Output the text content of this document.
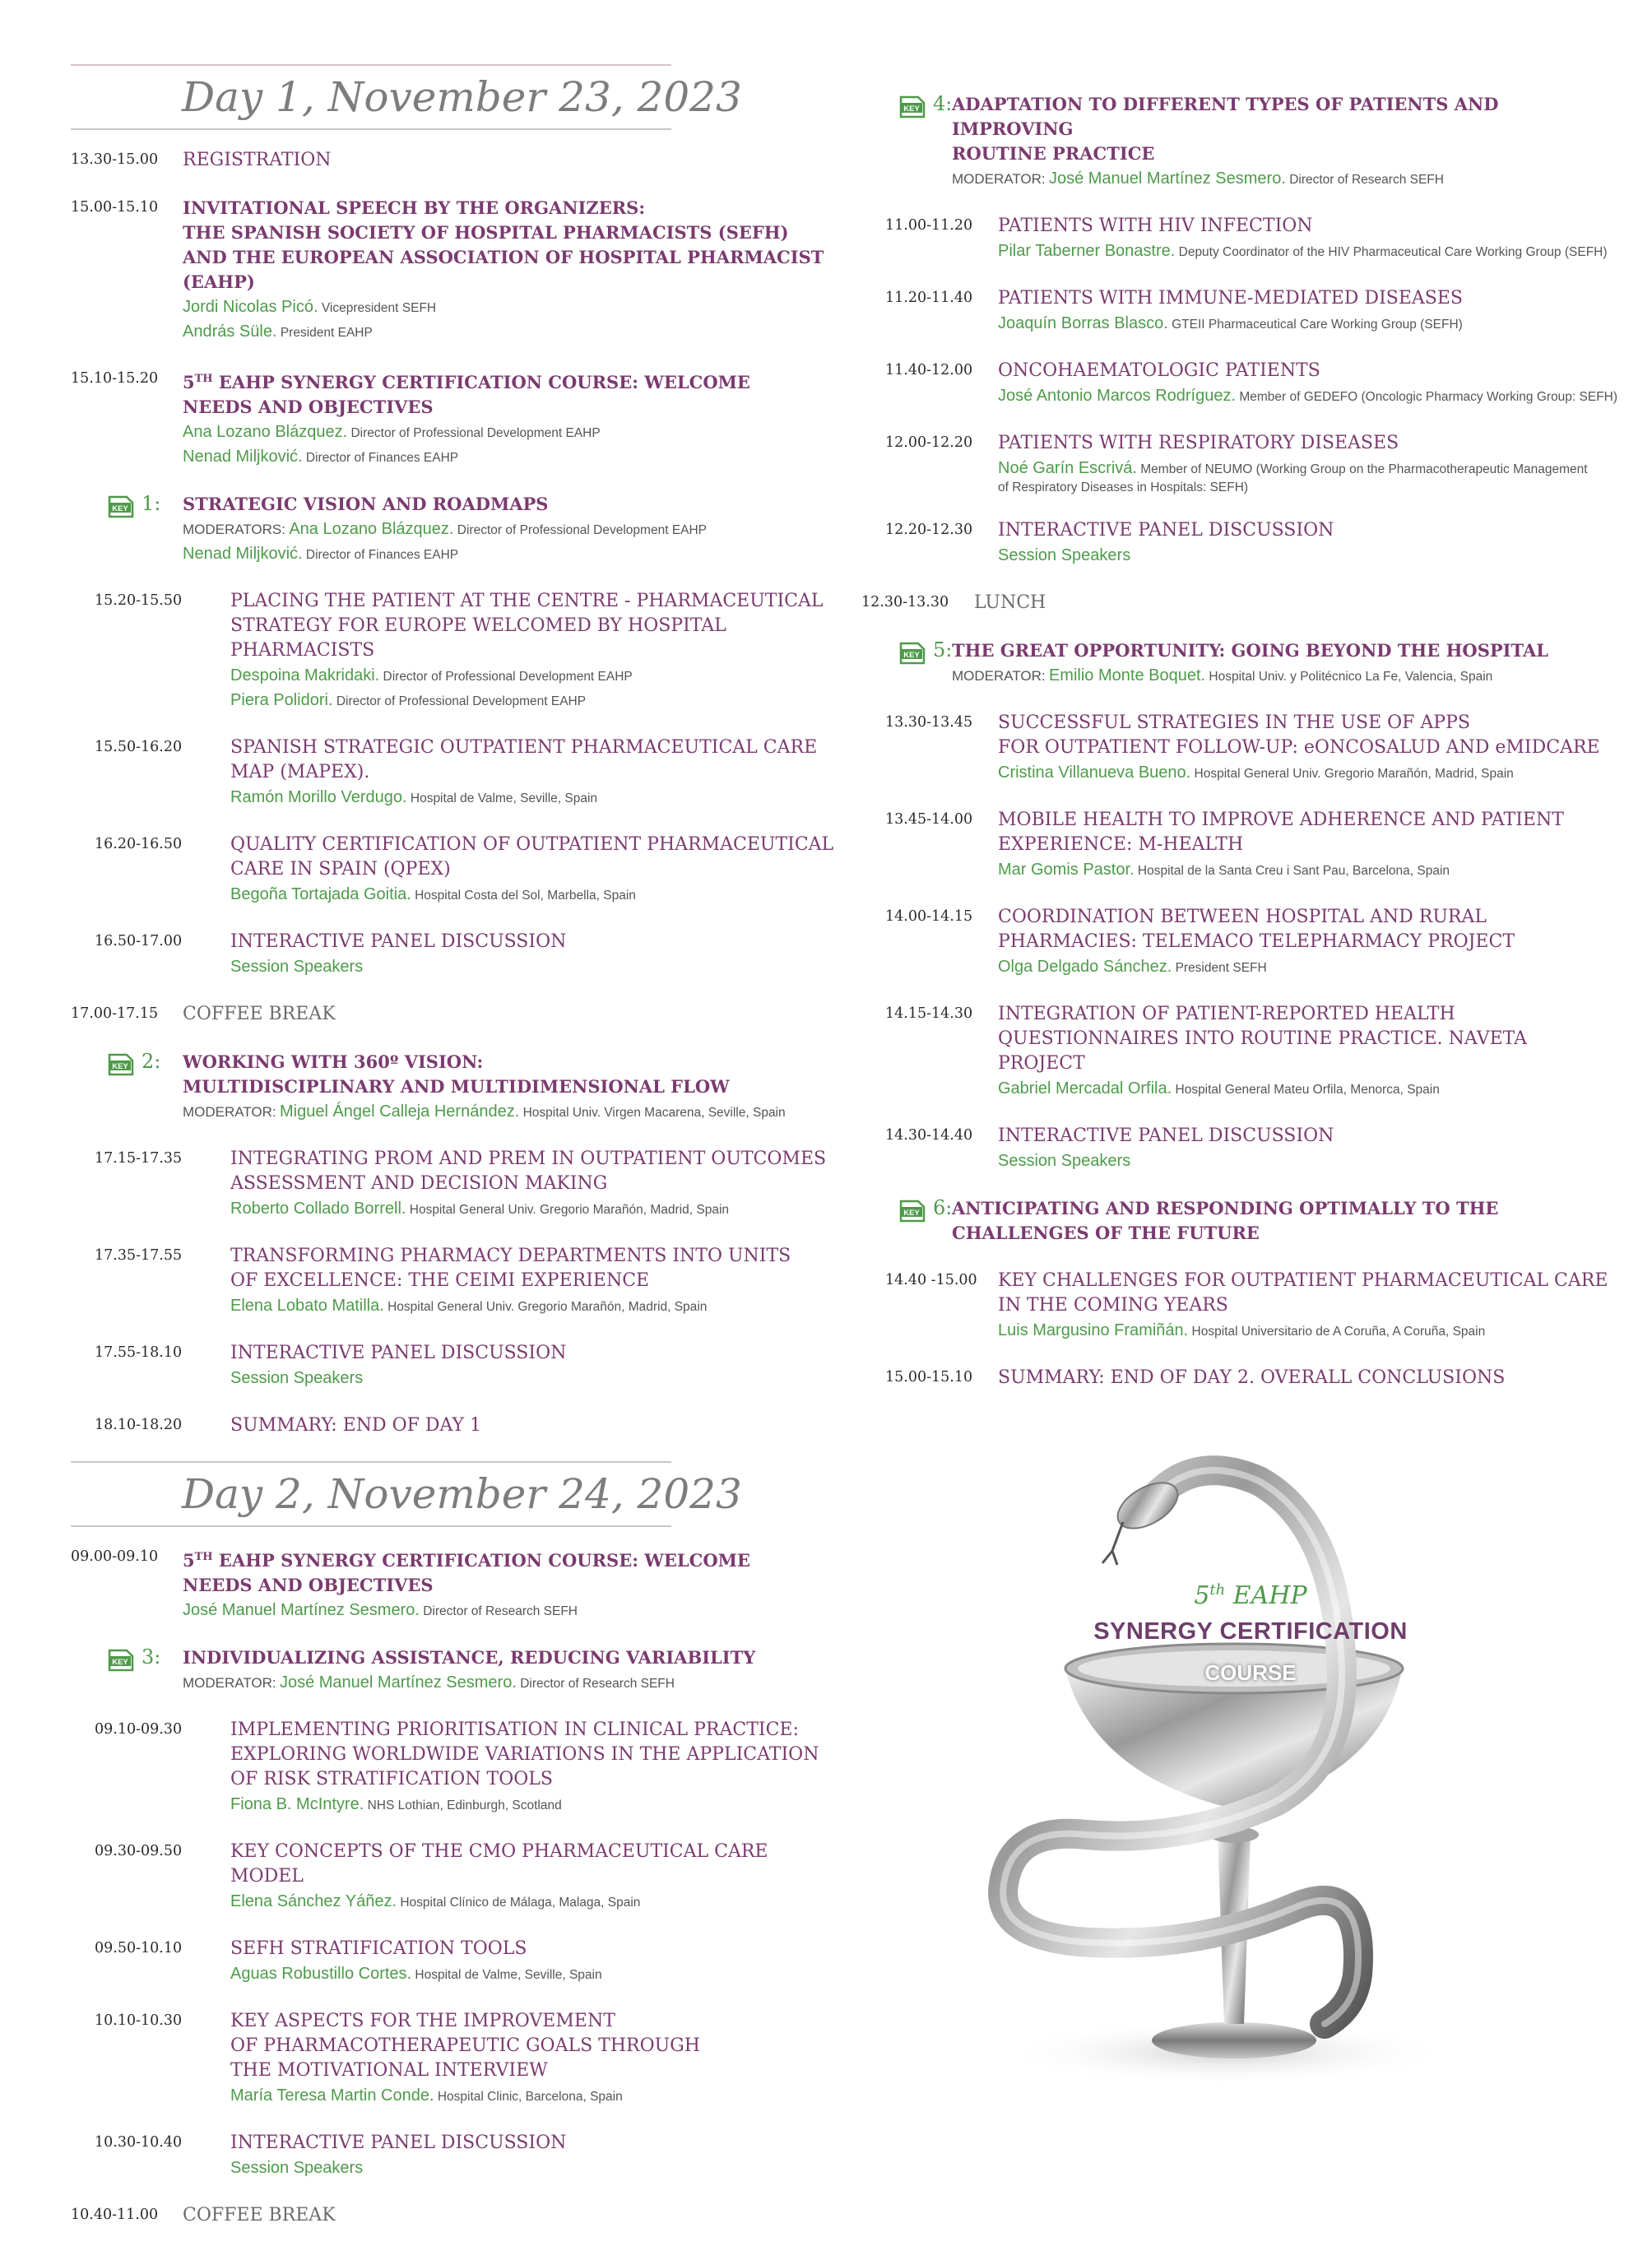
Day 1, November 23, 2023
13.30-15.00	REGISTRATION
15.00-15.10	INVITATIONAL SPEECH BY THE ORGANIZERS:
THE SPANISH SOCIETY OF HOSPITAL PHARMACISTS (SEFH)
AND THE EUROPEAN ASSOCIATION OF HOSPITAL PHARMACIST (EAHP)
Jordi Nicolas Picó. Vicepresident SEFH
András Süle. President EAHP
15.10-15.20	5TH EAHP SYNERGY CERTIFICATION COURSE: WELCOME
NEEDS AND OBJECTIVES
Ana Lozano Blázquez. Director of Professional Development EAHP
Nenad Miljković. Director of Finances EAHP
KEY 1: STRATEGIC VISION AND ROADMAPS
MODERATORS: Ana Lozano Blázquez. Director of Professional Development EAHP
Nenad Miljković. Director of Finances EAHP
15.20-15.50	PLACING THE PATIENT AT THE CENTRE - PHARMACEUTICAL
STRATEGY FOR EUROPE WELCOMED BY HOSPITAL
PHARMACISTS
Despoina Makridaki. Director of Professional Development EAHP
Piera Polidori. Director of Professional Development EAHP
15.50-16.20	SPANISH STRATEGIC OUTPATIENT PHARMACEUTICAL CARE
MAP (MAPEX).
Ramón Morillo Verdugo. Hospital de Valme, Seville, Spain
16.20-16.50	QUALITY CERTIFICATION OF OUTPATIENT PHARMACEUTICAL
CARE IN SPAIN (QPEX)
Begoña Tortajada Goitia. Hospital Costa del Sol, Marbella, Spain
16.50-17.00	INTERACTIVE PANEL DISCUSSION
Session Speakers
17.00-17.15	COFFEE BREAK
KEY 2: WORKING WITH 360º VISION:
MULTIDISCIPLINARY AND MULTIDIMENSIONAL FLOW
MODERATOR: Miguel Ángel Calleja Hernández. Hospital Univ. Virgen Macarena, Seville, Spain
17.15-17.35	INTEGRATING PROM AND PREM IN OUTPATIENT OUTCOMES
ASSESSMENT AND DECISION MAKING
Roberto Collado Borrell. Hospital General Univ. Gregorio Marañón, Madrid, Spain
17.35-17.55	TRANSFORMING PHARMACY DEPARTMENTS INTO UNITS
OF EXCELLENCE: THE CEIMI EXPERIENCE
Elena Lobato Matilla. Hospital General Univ. Gregorio Marañón, Madrid, Spain
17.55-18.10	INTERACTIVE PANEL DISCUSSION
Session Speakers
18.10-18.20	SUMMARY: END OF DAY 1
Day 2, November 24, 2023
09.00-09.10	5TH EAHP SYNERGY CERTIFICATION COURSE: WELCOME
NEEDS AND OBJECTIVES
José Manuel Martínez Sesmero. Director of Research SEFH
KEY 3: INDIVIDUALIZING ASSISTANCE, REDUCING VARIABILITY
MODERATOR: José Manuel Martínez Sesmero. Director of Research SEFH
09.10-09.30	IMPLEMENTING PRIORITISATION IN CLINICAL PRACTICE:
EXPLORING WORLDWIDE VARIATIONS IN THE APPLICATION
OF RISK STRATIFICATION TOOLS
Fiona B. McIntyre. NHS Lothian, Edinburgh, Scotland
09.30-09.50	KEY CONCEPTS OF THE CMO PHARMACEUTICAL CARE MODEL
Elena Sánchez Yáñez. Hospital Clínico de Málaga, Malaga, Spain
09.50-10.10	SEFH STRATIFICATION TOOLS
Aguas Robustillo Cortes. Hospital de Valme, Seville, Spain
10.10-10.30	KEY ASPECTS FOR THE IMPROVEMENT
OF PHARMACOTHERAPEUTIC GOALS THROUGH
THE MOTIVATIONAL INTERVIEW
María Teresa Martin Conde. Hospital Clinic, Barcelona, Spain
10.30-10.40	INTERACTIVE PANEL DISCUSSION
Session Speakers
10.40-11.00	COFFEE BREAK
KEY 4: ADAPTATION TO DIFFERENT TYPES OF PATIENTS AND IMPROVING
ROUTINE PRACTICE
MODERATOR: José Manuel Martínez Sesmero. Director of Research SEFH
11.00-11.20	PATIENTS WITH HIV INFECTION
Pilar Taberner Bonastre. Deputy Coordinator of the HIV Pharmaceutical Care Working Group (SEFH)
11.20-11.40	PATIENTS WITH IMMUNE-MEDIATED DISEASES
Joaquín Borras Blasco. GTEII Pharmaceutical Care Working Group (SEFH)
11.40-12.00	ONCOHAEMATOLOGIC PATIENTS
José Antonio Marcos Rodríguez. Member of GEDEFO (Oncologic Pharmacy Working Group: SEFH)
12.00-12.20	PATIENTS WITH RESPIRATORY DISEASES
Noé Garín Escrivá. Member of NEUMO (Working Group on the Pharmacotherapeutic Management
of Respiratory Diseases in Hospitals: SEFH)
12.20-12.30	INTERACTIVE PANEL DISCUSSION
Session Speakers
12.30-13.30	LUNCH
KEY 5: THE GREAT OPPORTUNITY: GOING BEYOND THE HOSPITAL
MODERATOR: Emilio Monte Boquet. Hospital Univ. y Politécnico La Fe, Valencia, Spain
13.30-13.45	SUCCESSFUL STRATEGIES IN THE USE OF APPS
FOR OUTPATIENT FOLLOW-UP: eONCOSALUD AND eMIDCARE
Cristina Villanueva Bueno. Hospital General Univ. Gregorio Marañón, Madrid, Spain
13.45-14.00	MOBILE HEALTH TO IMPROVE ADHERENCE AND PATIENT
EXPERIENCE: M-HEALTH
Mar Gomis Pastor. Hospital de la Santa Creu i Sant Pau, Barcelona, Spain
14.00-14.15	COORDINATION BETWEEN HOSPITAL AND RURAL
PHARMACIES: TELEMACO TELEPHARMACY PROJECT
Olga Delgado Sánchez. President SEFH
14.15-14.30	INTEGRATION OF PATIENT-REPORTED HEALTH
QUESTIONNAIRES INTO ROUTINE PRACTICE. NAVETA PROJECT
Gabriel Mercadal Orfila. Hospital General Mateu Orfila, Menorca, Spain
14.30-14.40	INTERACTIVE PANEL DISCUSSION
Session Speakers
KEY 6: ANTICIPATING AND RESPONDING OPTIMALLY TO THE
CHALLENGES OF THE FUTURE
14.40 -15.00	KEY CHALLENGES FOR OUTPATIENT PHARMACEUTICAL CARE
IN THE COMING YEARS
Luis Margusino Framiñán. Hospital Universitario de A Coruña, A Coruña, Spain
15.00-15.10	SUMMARY: END OF DAY 2. OVERALL CONCLUSIONS
5th EAHP
SYNERGY CERTIFICATION
COURSE
